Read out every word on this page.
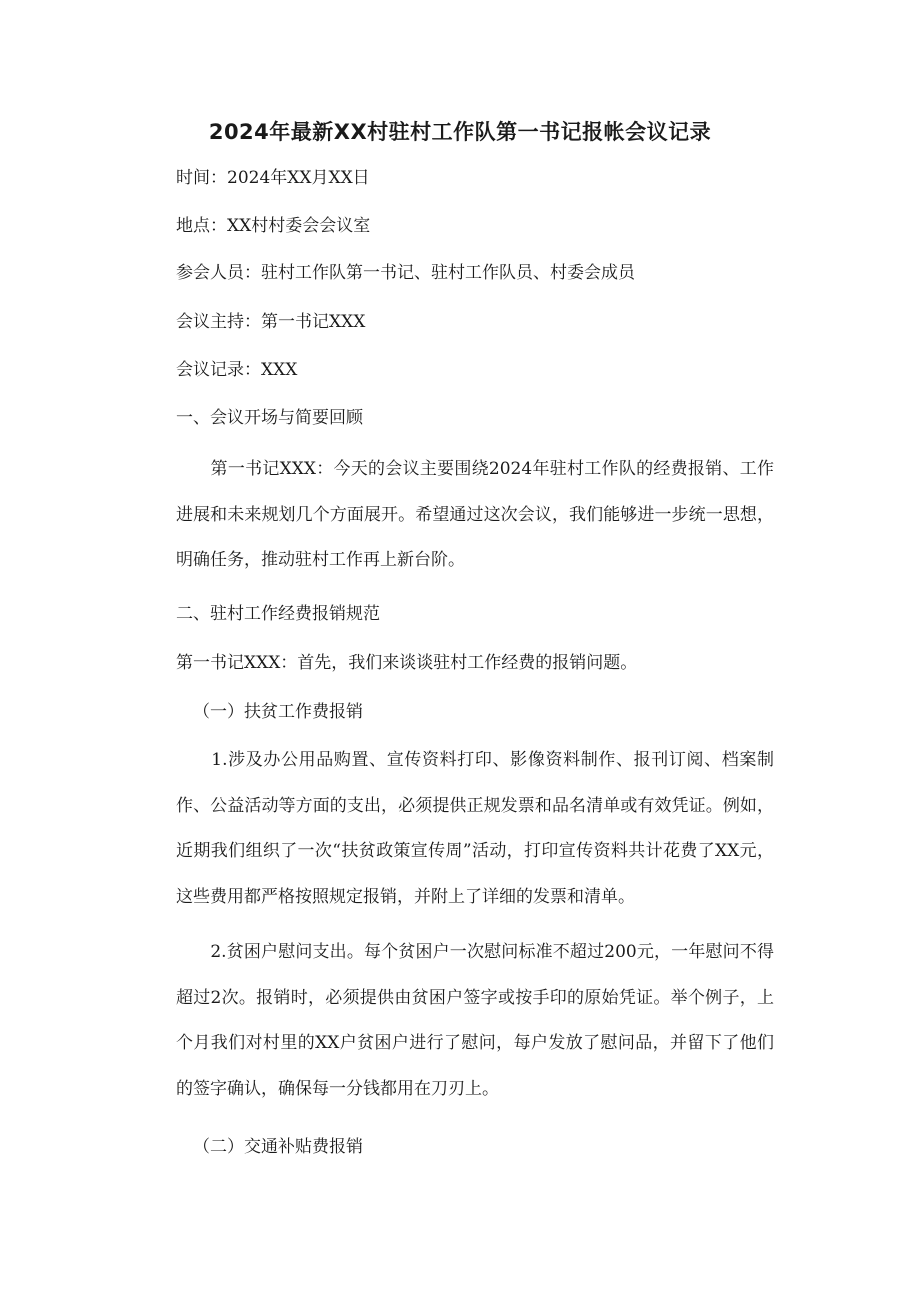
2024年最新XX村驻村工作队第一书记报帐会议记录

时间：2024年XX月XX日

地点：XX村村委会会议室

参会人员：驻村工作队第一书记、驻村工作队员、村委会成员

会议主持：第一书记XXX

会议记录：XXX

一、会议开场与简要回顾

　　第一书记XXX：今天的会议主要围绕2024年驻村工作队的经费报销、工作进展和未来规划几个方面展开。希望通过这次会议，我们能够进一步统一思想，明确任务，推动驻村工作再上新台阶。

二、驻村工作经费报销规范

第一书记XXX：首先，我们来谈谈驻村工作经费的报销问题。

（一）扶贫工作费报销

　　1.涉及办公用品购置、宣传资料打印、影像资料制作、报刊订阅、档案制作、公益活动等方面的支出，必须提供正规发票和品名清单或有效凭证。例如，近期我们组织了一次“扶贫政策宣传周”活动，打印宣传资料共计花费了XX元，这些费用都严格按照规定报销，并附上了详细的发票和清单。

　　2.贫困户慰问支出。每个贫困户一次慰问标准不超过200元，一年慰问不得超过2次。报销时，必须提供由贫困户签字或按手印的原始凭证。举个例子，上个月我们对村里的XX户贫困户进行了慰问，每户发放了慰问品，并留下了他们的签字确认，确保每一分钱都用在刀刃上。

（二）交通补贴费报销
